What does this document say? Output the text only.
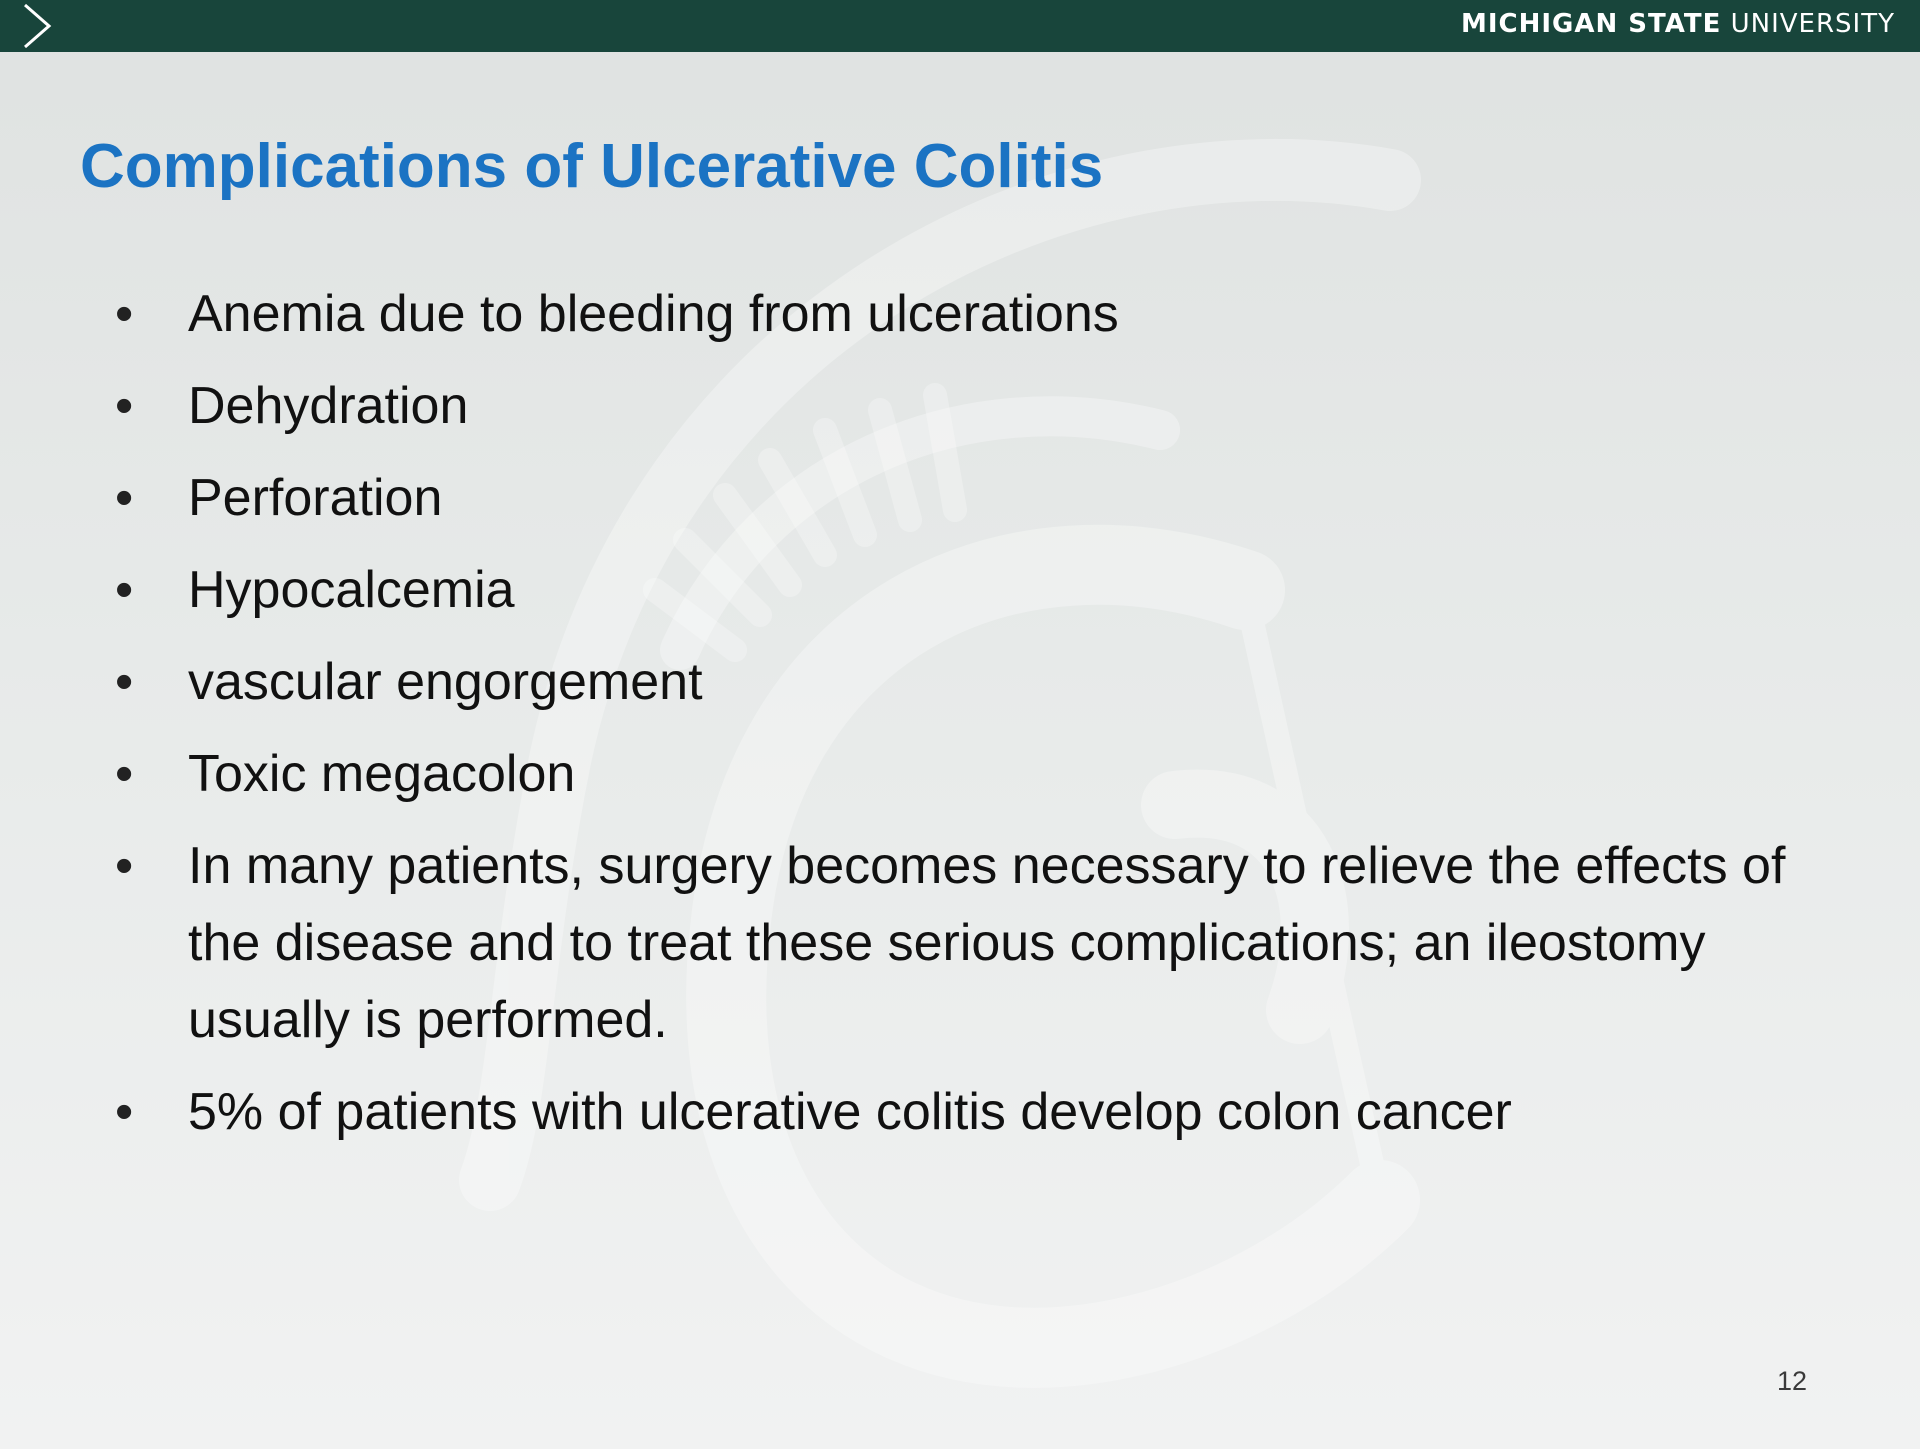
MICHIGAN STATE UNIVERSITY
Complications of Ulcerative Colitis
• Anemia due to bleeding from ulcerations
• Dehydration
• Perforation
• Hypocalcemia
• vascular engorgement
• Toxic megacolon
• In many patients, surgery becomes necessary to relieve the effects of the disease and to treat these serious complications; an ileostomy usually is performed.
• 5% of patients with ulcerative colitis develop colon cancer
12
